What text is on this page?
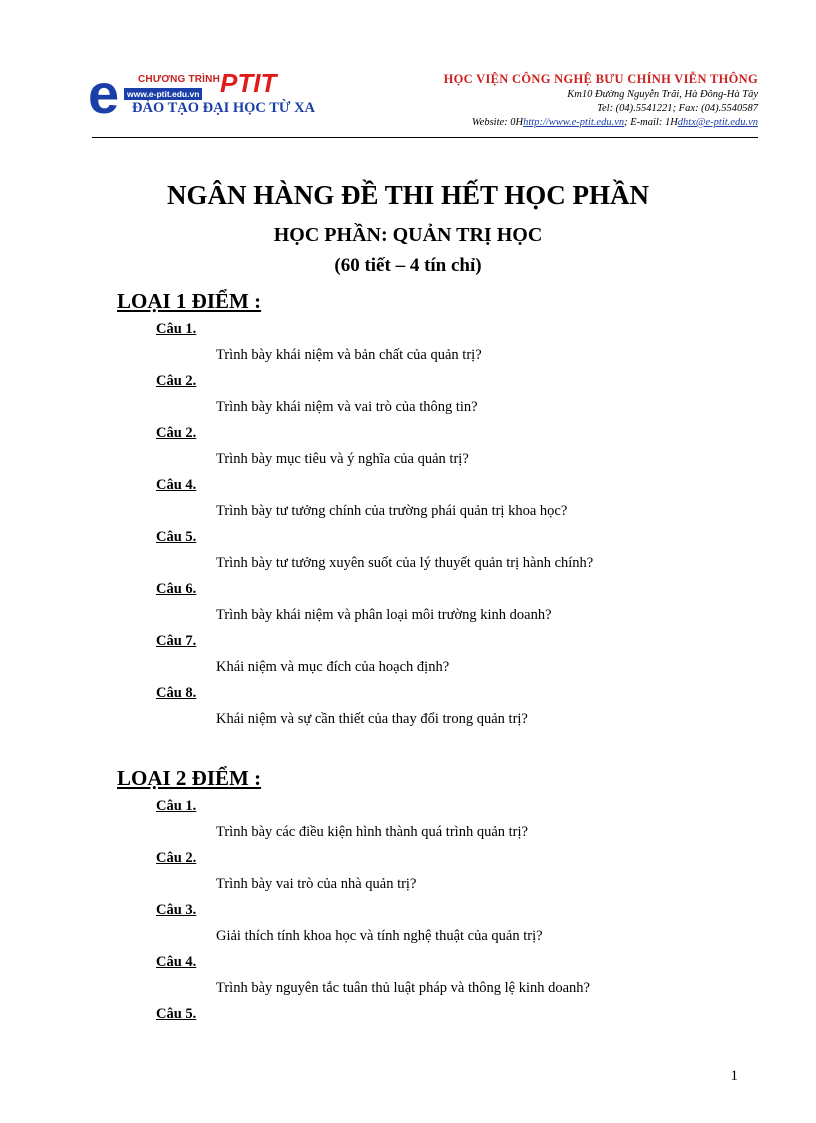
e CHƯƠNG TRÌNH PTIT
www.e-ptit.edu.vn
ĐÀO TẠO ĐẠI HỌC TỪ XA
HỌC VIỆN CÔNG NGHỆ BƯU CHÍNH VIỄN THÔNG
Km10 Đường Nguyễn Trãi, Hà Đông-Hà Tây
Tel: (04).5541221; Fax: (04).5540587
Website: 0Hhttp://www.e-ptit.edu.vn; E-mail: 1Hdhtx@e-ptit.edu.vn
NGÂN HÀNG ĐỀ THI HẾT HỌC PHẦN
HỌC PHẦN: QUẢN TRỊ HỌC
(60 tiết – 4 tín chỉ)

LOẠI 1 ĐIỂM :

Câu 1.
Trình bày khái niệm và bản chất của quản trị?
Câu 2.
Trình bày khái niệm và vai trò của thông tin?
Câu 2.
Trình bày mục tiêu và ý nghĩa của quản trị?
Câu 4.
Trình bày tư tưởng chính của trường phái quản trị khoa học?
Câu 5.
Trình bày tư tưởng xuyên suốt của lý thuyết quản trị hành chính?
Câu 6.
Trình bày khái niệm và phân loại môi trường kinh doanh?
Câu 7.
Khái niệm và mục đích của hoạch định?
Câu 8.
Khái niệm và sự cần thiết của thay đổi trong quản trị?

LOẠI 2 ĐIỂM :

Câu 1.
Trình bày các điều kiện hình thành quá trình quản trị?
Câu 2.
Trình bày vai trò của nhà quản trị?
Câu 3.
Giải thích tính khoa học và tính nghệ thuật của quản trị?
Câu 4.
Trình bày nguyên tắc tuân thủ luật pháp và thông lệ kinh doanh?
Câu 5.
1
